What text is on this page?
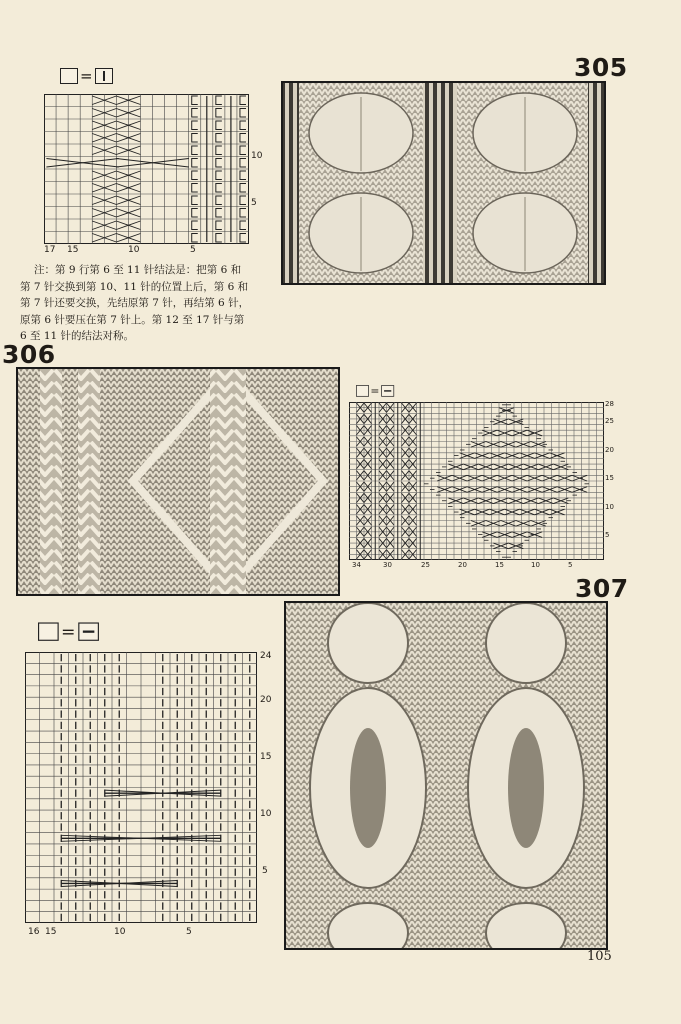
=	305
10
5
17 15	10	5
注：第 9 行第 6 至 11 针结法是：把第 6 和
第 7 针交换到第 10、11 针的位置上后，第 6 和
第 7 针还要交换，先结原第 7 针，再结第 6 针，
原第 6 针要压在第 7 针上。第 12 至 17 针与第
6 至 11 针的结法对称。
306
=
28
25
20
15
10
5
34	30	25	20	15	10	5
307
=
24
20
15
10
5
16 15	10	5
105
